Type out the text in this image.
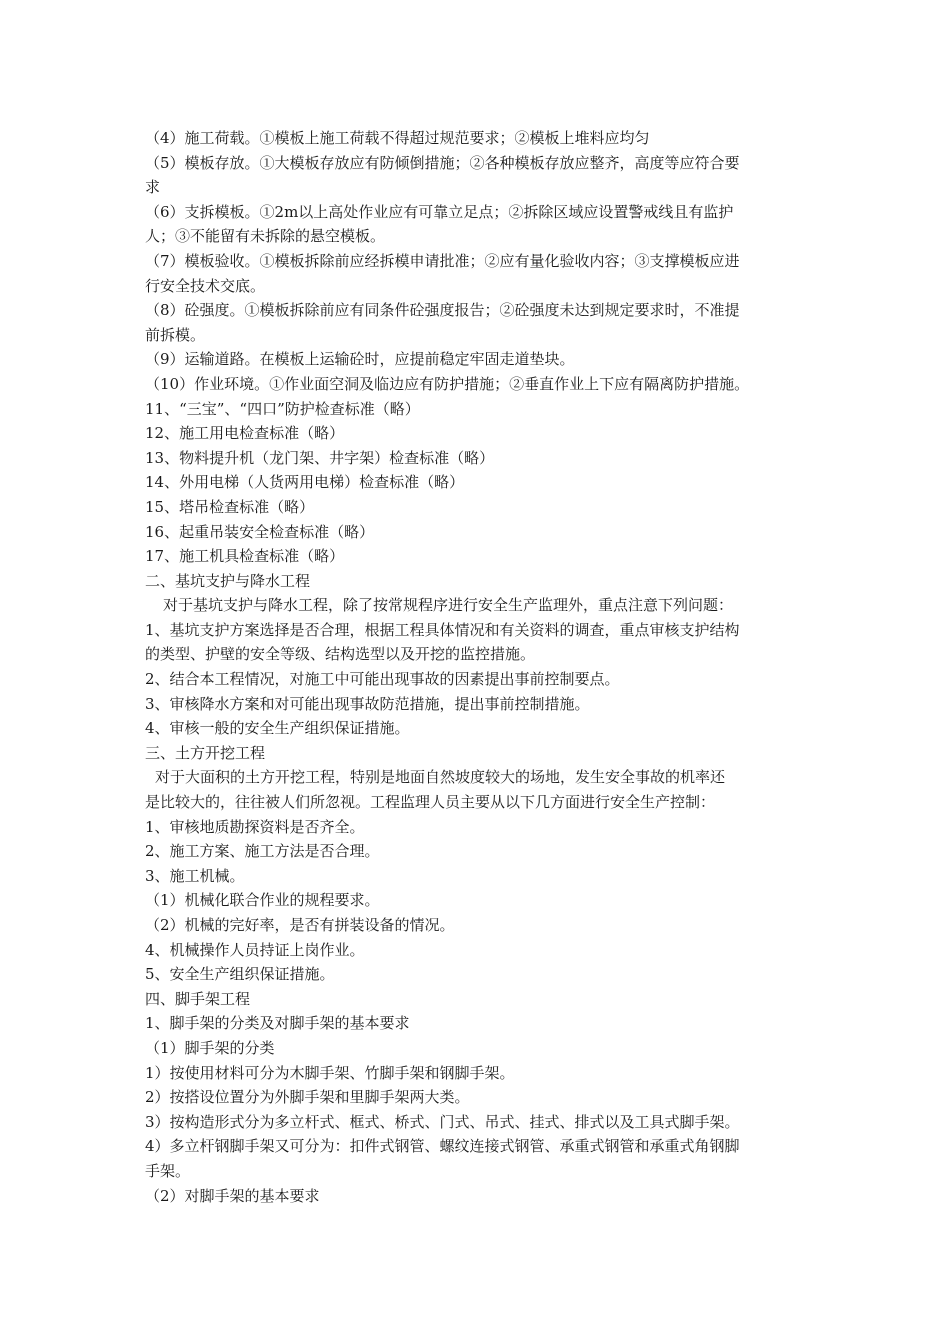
（4）施工荷载。①模板上施工荷载不得超过规范要求；②模板上堆料应均匀
（5）模板存放。①大模板存放应有防倾倒措施；②各种模板存放应整齐，高度等应符合要
求
（6）支拆模板。①2m以上高处作业应有可靠立足点；②拆除区域应设置警戒线且有监护
人；③不能留有未拆除的悬空模板。
（7）模板验收。①模板拆除前应经拆模申请批准；②应有量化验收内容；③支撑模板应进
行安全技术交底。
（8）砼强度。①模板拆除前应有同条件砼强度报告；②砼强度未达到规定要求时，不准提
前拆模。
（9）运输道路。在模板上运输砼时，应提前稳定牢固走道垫块。
（10）作业环境。①作业面空洞及临边应有防护措施；②垂直作业上下应有隔离防护措施。
11、“三宝”、“四口”防护检查标准（略）
12、施工用电检查标准（略）
13、物料提升机（龙门架、井字架）检查标准（略）
14、外用电梯（人货两用电梯）检查标准（略）
15、塔吊检查标准（略）
16、起重吊装安全检查标准（略）
17、施工机具检查标准（略）
二、基坑支护与降水工程
对于基坑支护与降水工程，除了按常规程序进行安全生产监理外，重点注意下列问题：
1、基坑支护方案选择是否合理，根据工程具体情况和有关资料的调查，重点审核支护结构
的类型、护壁的安全等级、结构选型以及开挖的监控措施。
2、结合本工程情况，对施工中可能出现事故的因素提出事前控制要点。
3、审核降水方案和对可能出现事故防范措施，提出事前控制措施。
4、审核一般的安全生产组织保证措施。
三、土方开挖工程
对于大面积的土方开挖工程，特别是地面自然坡度较大的场地，发生安全事故的机率还
是比较大的，往往被人们所忽视。工程监理人员主要从以下几方面进行安全生产控制：
1、审核地质勘探资料是否齐全。
2、施工方案、施工方法是否合理。
3、施工机械。
（1）机械化联合作业的规程要求。
（2）机械的完好率，是否有拼装设备的情况。
4、机械操作人员持证上岗作业。
5、安全生产组织保证措施。
四、脚手架工程
1、脚手架的分类及对脚手架的基本要求
（1）脚手架的分类
1）按使用材料可分为木脚手架、竹脚手架和钢脚手架。
2）按搭设位置分为外脚手架和里脚手架两大类。
3）按构造形式分为多立杆式、框式、桥式、门式、吊式、挂式、排式以及工具式脚手架。
4）多立杆钢脚手架又可分为：扣件式钢管、螺纹连接式钢管、承重式钢管和承重式角钢脚
手架。
（2）对脚手架的基本要求
